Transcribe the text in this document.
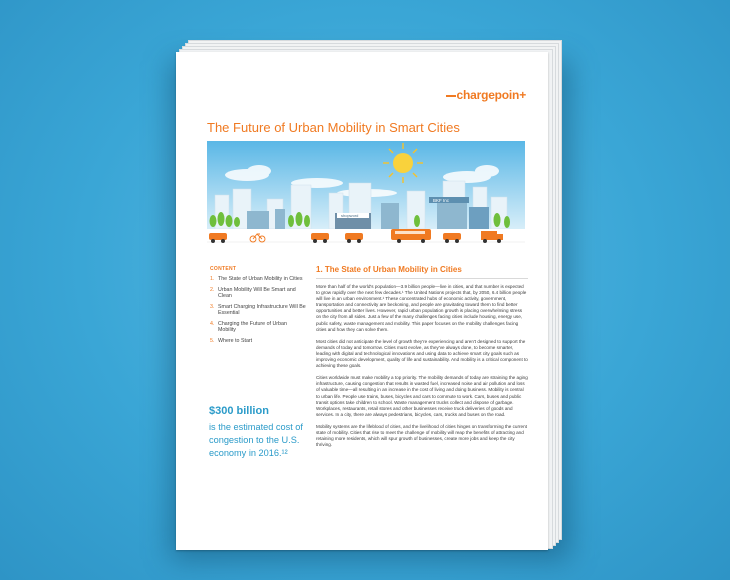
chargepoin+
The Future of Urban Mobility in Smart Cities
BKF Inc
shopword
CONTENT
1. The State of Urban Mobility in Cities
2. Urban Mobility Will Be Smart and Clean
3. Smart Charging Infrastructure Will Be Essential
4. Charging the Future of Urban Mobility
5. Where to Start
$300 billion
is the estimated cost of congestion to the U.S. economy in 2016.¹²
1. The State of Urban Mobility in Cities
More than half of the world's population—3.9 billion people—live in cities, and that number is expected to grow rapidly over the next few decades.¹ The United Nations projects that, by 2050, 6.4 billion people will live in an urban environment.¹ These concentrated hubs of economic activity, government, transportation and connectivity are beckoning, and people are gravitating toward them to find better opportunities and better lives. However, rapid urban population growth is placing overwhelming stress on the city from all sides. Just a few of the many challenges facing cities include housing, energy use, public safety, waste management and mobility. This paper focuses on the mobility challenges facing cities and how they can solve them.
Most cities did not anticipate the level of growth they're experiencing and aren't designed to support the demands of today and tomorrow. Cities must evolve, as they've always done, to become smarter, leading with digital and technological innovations and using data to achieve smart city goals such as improving economic development, quality of life and sustainability. And mobility is a critical component to achieving these goals.
Cities worldwide must make mobility a top priority. The mobility demands of today are straining the aging infrastructure, causing congestion that results in wasted fuel, increased noise and air pollution and loss of valuable time—all resulting in an increase in the cost of living and doing business. Mobility is central to urban life. People use trains, buses, bicycles and cars to commute to work. Cars, buses and public transit options take children to school. Waste management trucks collect and dispose of garbage. Workplaces, restaurants, retail stores and other businesses receive truck deliveries of goods and services. In a city, there are always pedestrians, bicycles, cars, trucks and buses on the road.
Mobility systems are the lifeblood of cities, and the livelihood of cities hinges on transforming the current state of mobility. Cities that rise to meet the challenge of mobility will reap the benefits of attracting and retaining more residents, which will spur growth of businesses, create more jobs and keep the city thriving.
